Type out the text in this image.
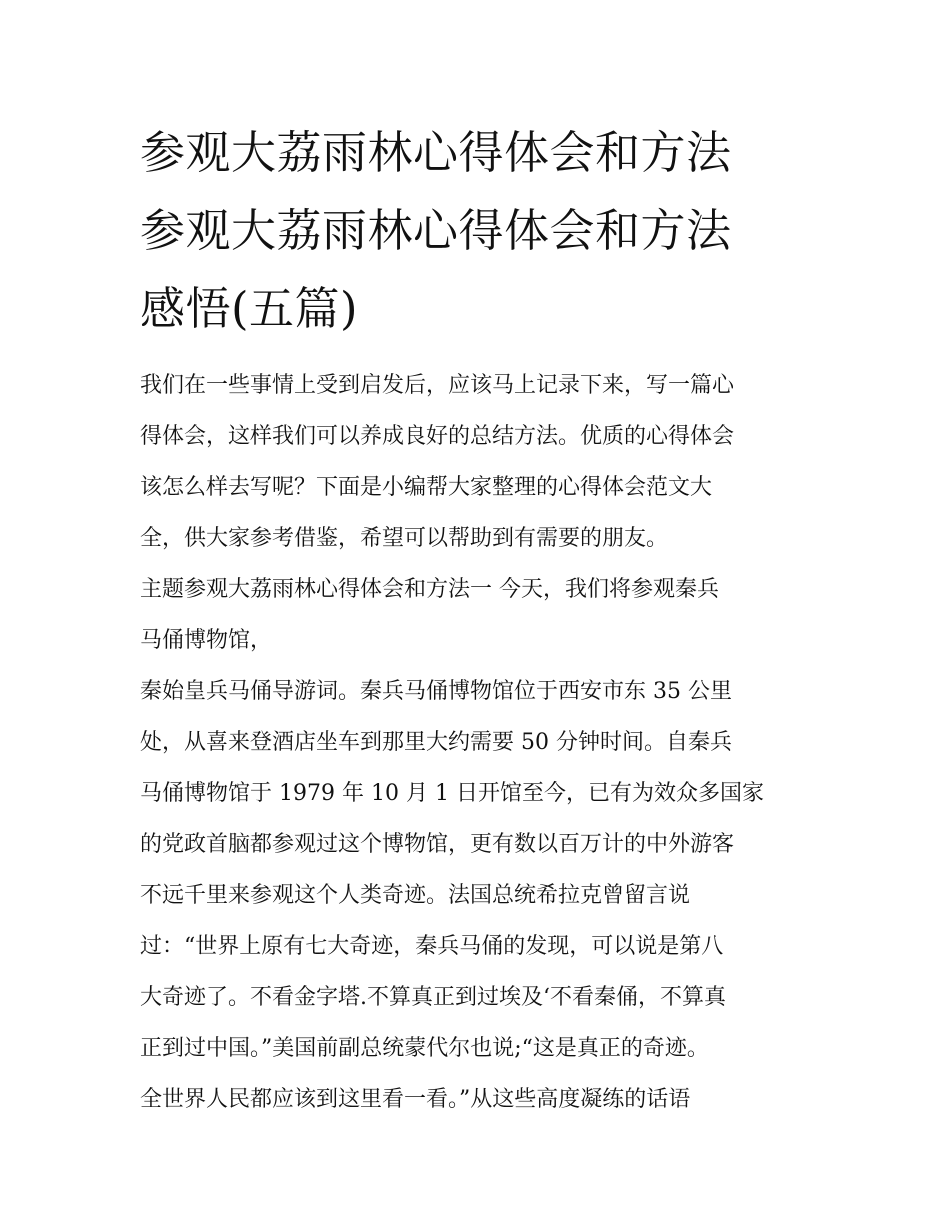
参观大荔雨林心得体会和方法
参观大荔雨林心得体会和方法
感悟(五篇)

我们在一些事情上受到启发后，应该马上记录下来，写一篇心
得体会，这样我们可以养成良好的总结方法。优质的心得体会
该怎么样去写呢？下面是小编帮大家整理的心得体会范文大
全，供大家参考借鉴，希望可以帮助到有需要的朋友。

主题参观大荔雨林心得体会和方法一 今天，我们将参观秦兵
马俑博物馆，

秦始皇兵马俑导游词。秦兵马俑博物馆位于西安市东 35 公里
处，从喜来登酒店坐车到那里大约需要 50 分钟时间。自秦兵
马俑博物馆于 1979 年 10 月 1 日开馆至今，已有为效众多国家
的党政首脑都参观过这个博物馆，更有数以百万计的中外游客
不远千里来参观这个人类奇迹。法国总统希拉克曾留言说
过：“世界上原有七大奇迹，秦兵马俑的发现，可以说是第八
大奇迹了。不看金字塔.不算真正到过埃及‘不看秦俑，不算真
正到过中国。”美国前副总统蒙代尔也说;“这是真正的奇迹。
全世界人民都应该到这里看一看。”从这些高度凝练的话语
